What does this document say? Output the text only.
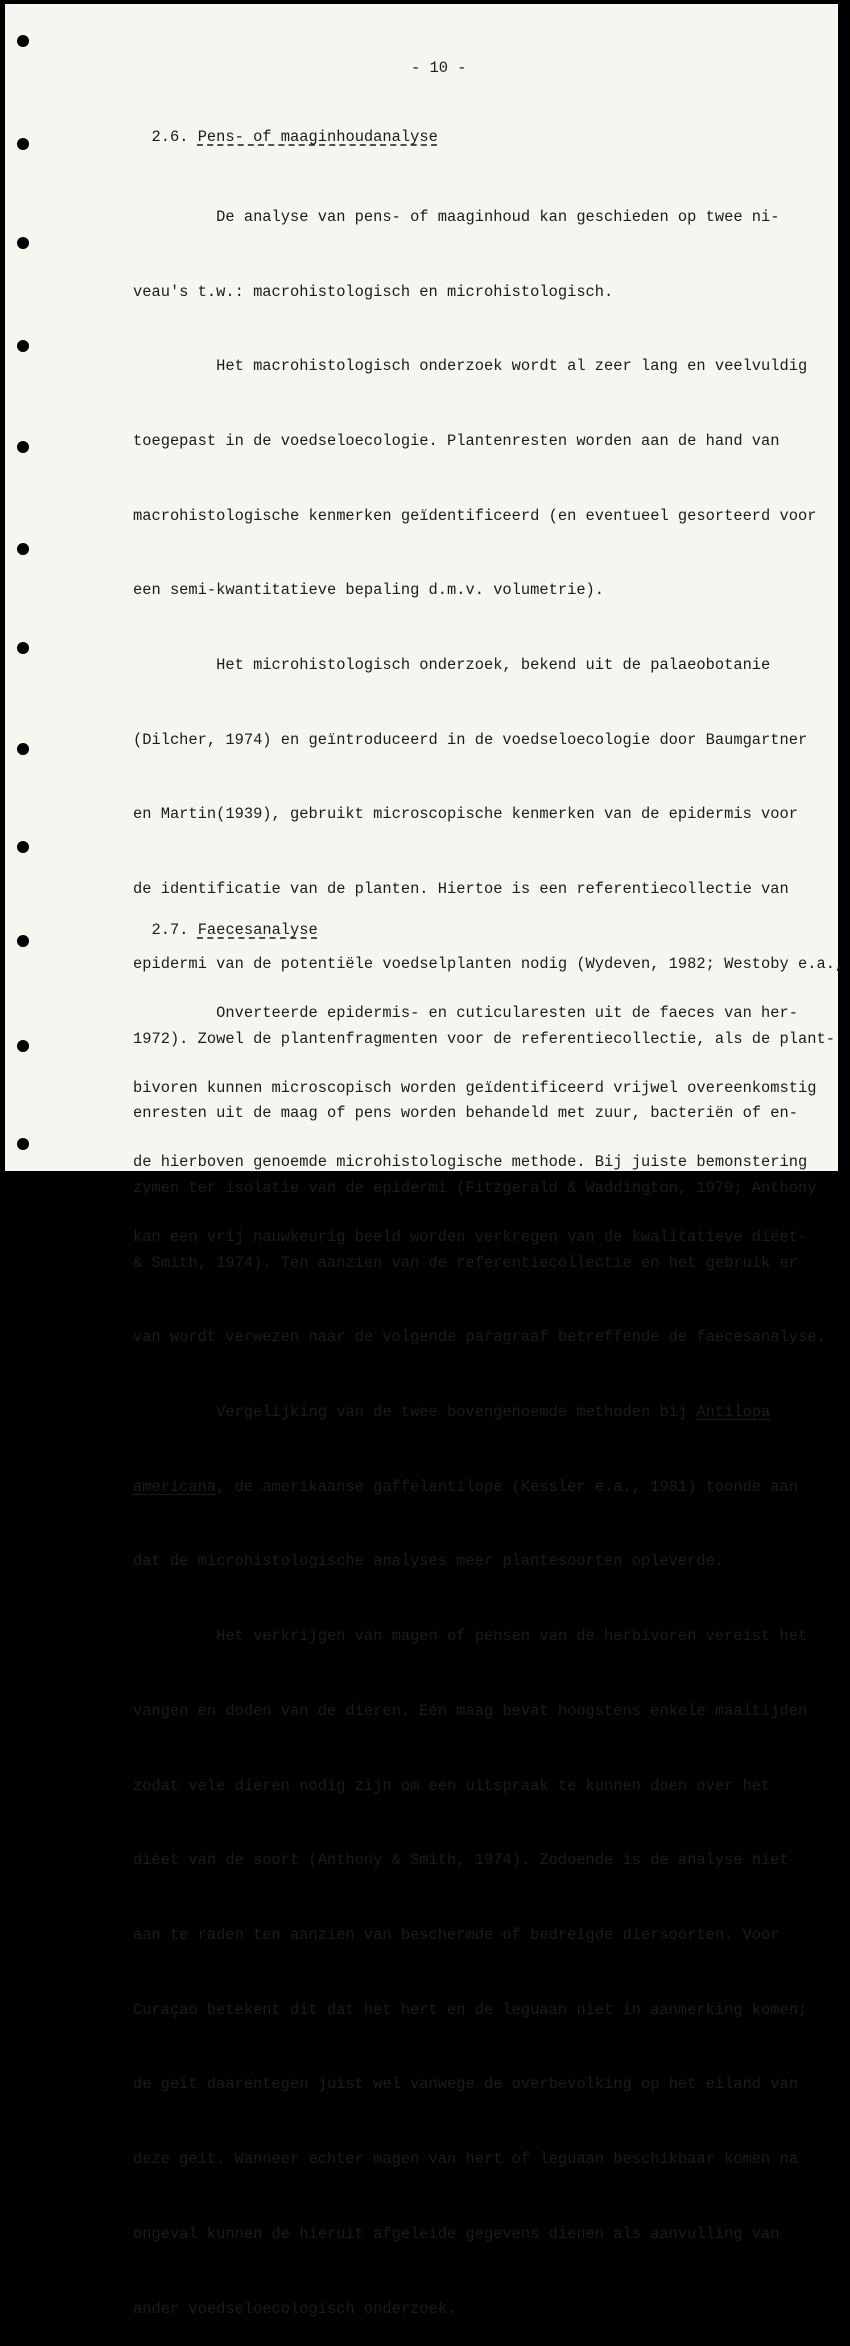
- 10 -

2.6. Pens- of maaginhoudanalyse

De analyse van pens- of maaginhoud kan geschieden op twee ni-

veau's t.w.: macrohistologisch en microhistologisch.

Het macrohistologisch onderzoek wordt al zeer lang en veelvuldig

toegepast in de voedseloecologie. Plantenresten worden aan de hand van

macrohistologische kenmerken geïdentificeerd (en eventueel gesorteerd voor

een semi-kwantitatieve bepaling d.m.v. volumetrie).

Het microhistologisch onderzoek, bekend uit de palaeobotanie

(Dilcher, 1974) en geïntroduceerd in de voedseloecologie door Baumgartner

en Martin(1939), gebruikt microscopische kenmerken van de epidermis voor

de identificatie van de planten. Hiertoe is een referentiecollectie van

epidermi van de potentiële voedselplanten nodig (Wydeven, 1982; Westoby e.a.,

1972). Zowel de plantenfragmenten voor de referentiecollectie, als de plant-

enresten uit de maag of pens worden behandeld met zuur, bacteriën of en-

zymen ter isolatie van de epidermi (Fitzgerald & Waddington, 1979; Anthony

& Smith, 1974). Ten aanzien van de referentiecollectie en het gebruik er

van wordt verwezen naar de volgende paragraaf betreffende de faecesanalyse.

Vergelijking van de twee bovengenoemde methoden bij Antilopa

americana, de amerikaanse gaffelantilope (Kessler e.a., 1981) toonde aan

dat de microhistologische analyses meer plantesoorten opleverde.

Het verkrijgen van magen of pensen van de herbivoren vereist het

vangen en doden van de dieren. Eén maag bevat hoogstens enkele maaltijden

zodat vele dieren nodig zijn om een uitspraak te kunnen doen over het

diëet van de soort (Anthony & Smith, 1974). Zodoende is de analyse niet

aan te raden ten aanzien van beschermde of bedreigde diersoorten. Voor

Curaçao betekent dit dat het hert en de leguaan niet in aanmerking komen;

de geit daarentegen juist wel vanwege de overbevolking op het eiland van

deze geit. Wanneer echter magen van hert of leguaan beschikbaar komen na

ongeval kunnen de hieruit afgeleide gegevens dienen als aanvulling van

ander voedseloecologisch onderzoek.

2.7. Faecesanalyse

Onverteerde epidermis- en cuticularesten uit de faeces van her-

bivoren kunnen microscopisch worden geïdentificeerd vrijwel overeenkomstig

de hierboven genoemde microhistologische methode. Bij juiste bemonstering

kan een vrij nauwkeurig beeld worden verkregen van de kwalitatieve diëet-
